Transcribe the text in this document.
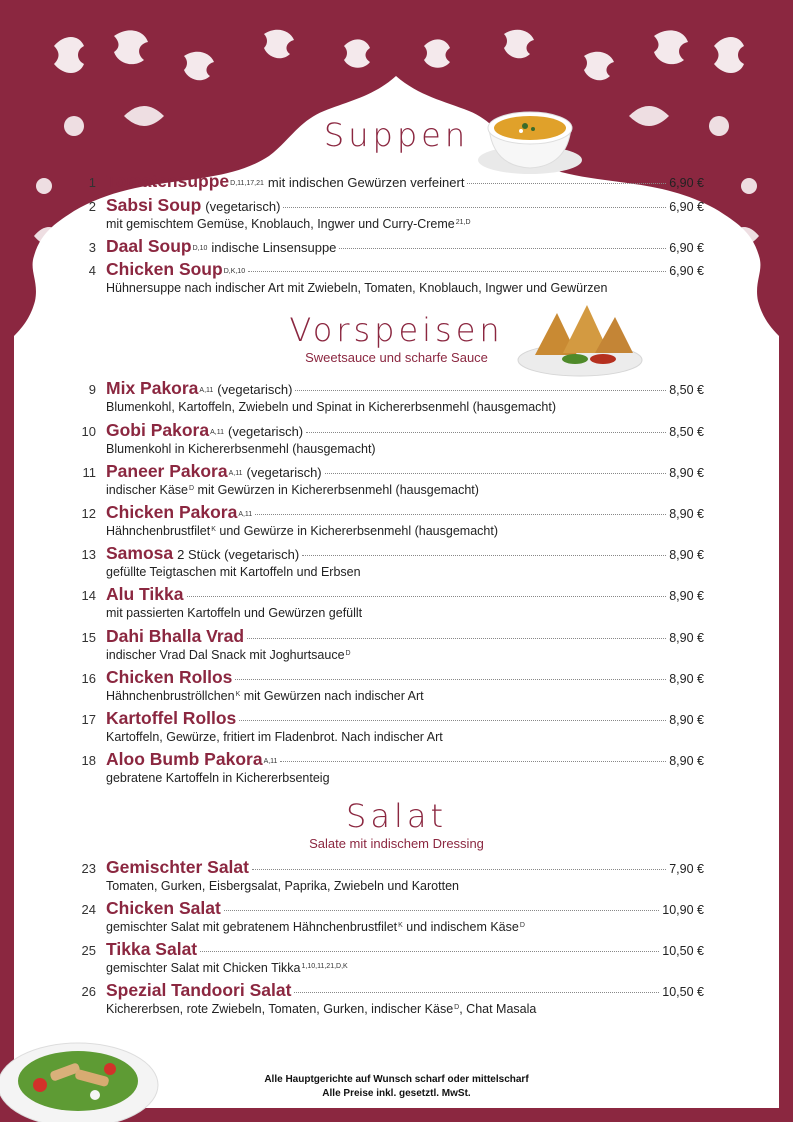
Suppen
Vorspeisen
Sweetsauce und scharfe Sauce
Salat
Salate mit indischem Dressing
1 Tomatensuppe D,11,17,21 mit indischen Gewürzen verfeinert	6,90 €
2 Sabsi Soup (vegetarisch)	6,90 €
mit gemischtem Gemüse, Knoblauch, Ingwer und Curry-Creme$^{21,D}$
3 Daal Soup D,10 indische Linsensuppe	6,90 €
4 Chicken Soup D,K,10	6,90 €
Hühnersuppe nach indischer Art mit Zwiebeln, Tomaten, Knoblauch, Ingwer und Gewürzen
9 Mix Pakora A,11 (vegetarisch)	8,50 €
Blumenkohl, Kartoffeln, Zwiebeln und Spinat in Kichererbsenmehl (hausgemacht)
10 Gobi Pakora A,11 (vegetarisch)	8,50 €
Blumenkohl in Kichererbsenmehl (hausgemacht)
11 Paneer Pakora A,11 (vegetarisch)	8,90 €
indischer Käse$^D$ mit Gewürzen in Kichererbsenmehl (hausgemacht)
12 Chicken Pakora A,11	8,90 €
Hähnchenbrustfilet$^K$ und Gewürze in Kichererbsenmehl (hausgemacht)
13 Samosa 2 Stück (vegetarisch)	8,90 €
gefüllte Teigtaschen mit Kartoffeln und Erbsen
14 Alu Tikka	8,90 €
mit passierten Kartoffeln und Gewürzen gefüllt
15 Dahi Bhalla Vrad	8,90 €
indischer Vrad Dal Snack mit Joghurtsauce$^D$
16 Chicken Rollos	8,90 €
Hähnchenbruströllchen$^K$ mit Gewürzen nach indischer Art
17 Kartoffel Rollos	8,90 €
Kartoffeln, Gewürze, fritiert im Fladenbrot. Nach indischer Art
18 Aloo Bumb Pakora A,11	8,90 €
gebratene Kartoffeln in Kichererbsenteig
23 Gemischter Salat	7,90 €
Tomaten, Gurken, Eisbergsalat, Paprika, Zwiebeln und Karotten
24 Chicken Salat	10,90 €
gemischter Salat mit gebratenem Hähnchenbrustfilet$^K$ und indischem Käse$^D$
25 Tikka Salat	10,50 €
gemischter Salat mit Chicken Tikka$^{1,10,11,21,D,K}$
26 Spezial Tandoori Salat	10,50 €
Kichererbsen, rote Zwiebeln, Tomaten, Gurken, indischer Käse$^D$, Chat Masala
Alle Hauptgerichte auf Wunsch scharf oder mittelscharf
Alle Preise inkl. gesetztl. MwSt.
